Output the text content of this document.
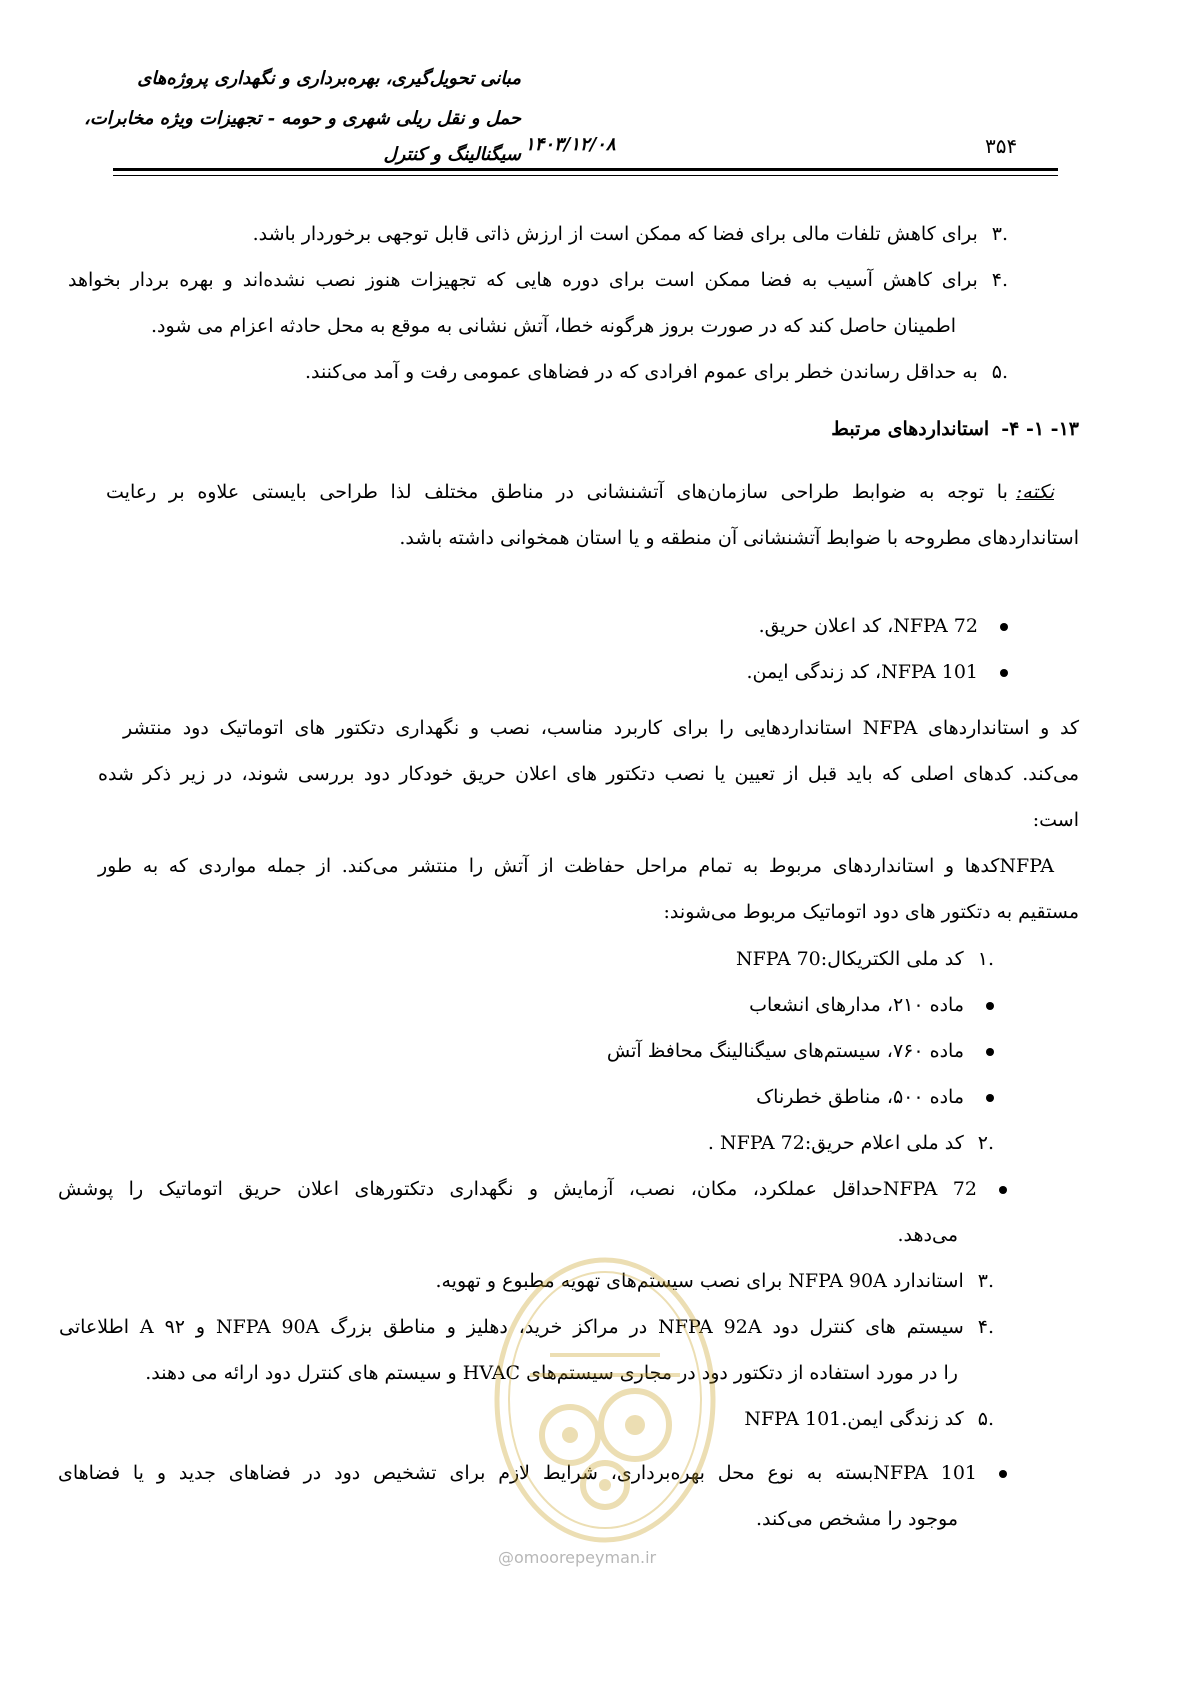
مبانی تحویل‌گیری، بهره‌برداری و نگهداری پروژه‌های
حمل و نقل ریلی شهری و حومه - تجهیزات ویژه مخابرات،
سیگنالینگ و کنترل ۱۴۰۳/۱۲/۰۸	۳۵۴
.۳برای کاهش تلفات مالی برای فضا که ممکن است از ارزش ذاتی قابل توجهی برخوردار باشد.
.۴برای کاهش آسیب به فضا ممکن است برای دوره هایی که تجهیزات هنوز نصب نشده‌اند و بهره بردار بخواهد
اطمینان حاصل کند که در صورت بروز هرگونه خطا، آتش نشانی به موقع به محل حادثه اعزام می شود.
.۵به حداقل رساندن خطر برای عموم افرادی که در فضاهای عمومی رفت و آمد می‌کنند.
۱۳- ۱- ۴-استانداردهای مرتبط
نکته:با توجه به ضوابط طراحی سازمان‌های آتشنشانی در مناطق مختلف لذا طراحی بایستی علاوه بر رعایت
استانداردهای مطروحه با ضوابط آتشنشانی آن منطقه و یا استان همخوانی داشته باشد.
NFPA 72، کد اعلان حریق.
NFPA 101، کد زندگی ایمن.
کد و استانداردهای NFPA استانداردهایی را برای کاربرد مناسب، نصب و نگهداری دتکتور های اتوماتیک دود منتشر
می‌کند. کدهای اصلی که باید قبل از تعیین یا نصب دتکتور های اعلان حریق خودکار دود بررسی شوند، در زیر ذکر شده
است:
NFPAکدها و استانداردهای مربوط به تمام مراحل حفاظت از آتش را منتشر می‌کند. از جمله مواردی که به طور
مستقیم به دتکتور های دود اتوماتیک مربوط می‌شوند:
.۱کد ملی الکتریکال:NFPA 70
ماده ۲۱۰، مدارهای انشعاب
ماده ۷۶۰، سیستم‌های سیگنالینگ محافظ آتش
ماده ۵۰۰، مناطق خطرناک
.۲کد ملی اعلام حریق:NFPA 72 .
NFPA 72حداقل عملکرد، مکان، نصب، آزمایش و نگهداری دتکتورهای اعلان حریق اتوماتیک را پوشش
می‌دهد.
.۳استاندارد NFPA 90A برای نصب سیستم‌های تهویه مطبوع و تهویه.
.۴سیستم های کنترل دود NFPA 92A در مراکز خرید، دهلیز و مناطق بزرگ NFPA 90A و ۹۲ A اطلاعاتی
را در مورد استفاده از دتکتور دود در مجاری سیستم‌های HVAC و سیستم های کنترل دود ارائه می دهند.
.۵کد زندگی ایمن.NFPA 101
NFPA 101بسته به نوع محل بهره‌برداری، شرایط لازم برای تشخیص دود در فضاهای جدید و یا فضاهای
موجود را مشخص می‌کند.
@omoorepeyman.ir
